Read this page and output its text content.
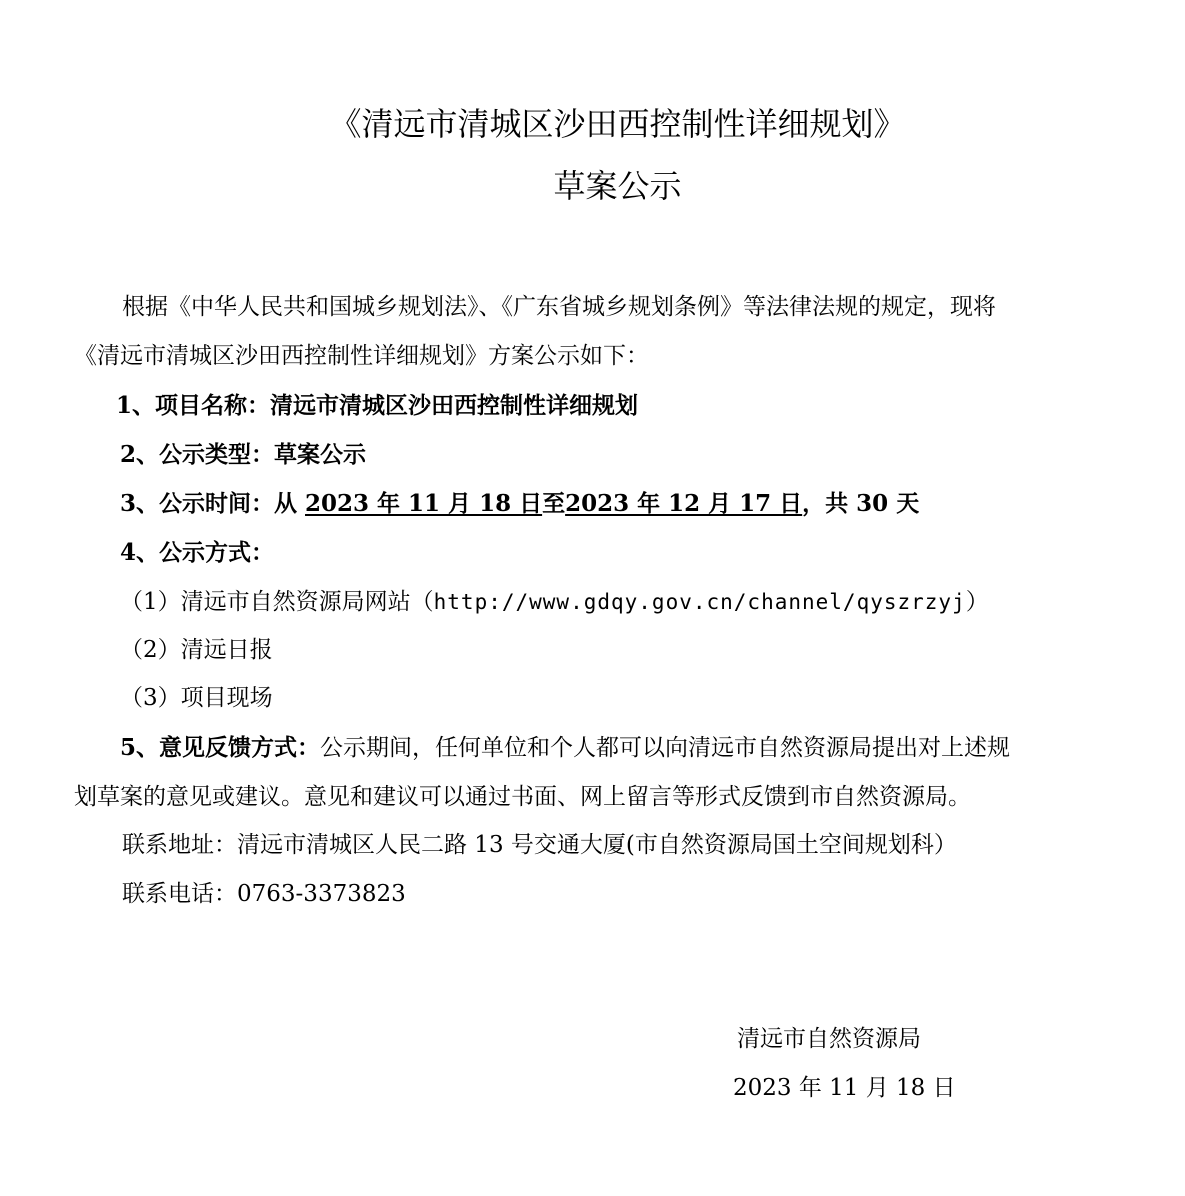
《清远市清城区沙田西控制性详细规划》
草案公示
根据《中华人民共和国城乡规划法》、《广东省城乡规划条例》等法律法规的规定，现将
《清远市清城区沙田西控制性详细规划》方案公示如下：
1、项目名称：清远市清城区沙田西控制性详细规划
2、公示类型：草案公示
3、公示时间：从 2023 年 11 月 18 日至2023 年 12 月 17 日，共 30 天
4、公示方式：
（1）清远市自然资源局网站（http://www.gdqy.gov.cn/channel/qyszrzyj）
（2）清远日报
（3）项目现场
5、意见反馈方式：公示期间，任何单位和个人都可以向清远市自然资源局提出对上述规
划草案的意见或建议。意见和建议可以通过书面、网上留言等形式反馈到市自然资源局。
联系地址：清远市清城区人民二路 13 号交通大厦(市自然资源局国土空间规划科）
联系电话：0763-3373823
清远市自然资源局
2023 年 11 月 18 日
